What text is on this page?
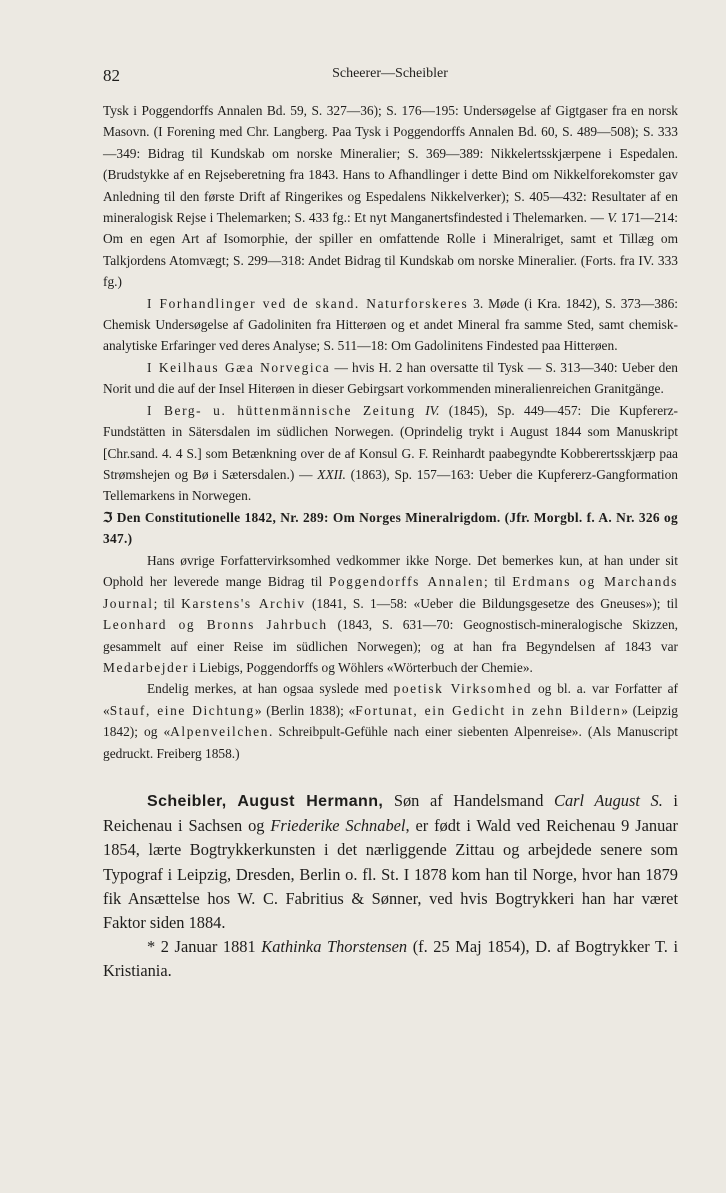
82	Scheerer—Scheibler

Tysk i Poggendorffs Annalen Bd. 59, S. 327—36); S. 176—195: Undersøgelse af Gigtgaser fra en norsk Masovn. (I Forening med Chr. Langberg. Paa Tysk i Poggendorffs Annalen Bd. 60, S. 489—508); S. 333—349: Bidrag til Kundskab om norske Mineralier; S. 369—389: Nikkelertsskjærpene i Espedalen. (Brudstykke af en Rejseberetning fra 1843. Hans to Afhandlinger i dette Bind om Nikkelforekomster gav Anledning til den første Drift af Ringerikes og Espedalens Nikkelverker); S. 405—432: Resultater af en mineralogisk Rejse i Thelemarken; S. 433 fg.: Et nyt Manganertsfindested i Thelemarken. — V. 171—214: Om en egen Art af Isomorphie, der spiller en omfattende Rolle i Mineralriget, samt et Tillæg om Talkjordens Atomvægt; S. 299—318: Andet Bidrag til Kundskab om norske Mineralier. (Forts. fra IV. 333 fg.)

I Forhandlinger ved de skand. Naturforskeres 3. Møde (i Kra. 1842), S. 373—386: Chemisk Undersøgelse af Gadoliniten fra Hitterøen og et andet Mineral fra samme Sted, samt chemisk-analytiske Erfaringer ved deres Analyse; S. 511—18: Om Gadolinitens Findested paa Hitterøen.

I Keilhaus Gæa Norvegica — hvis H. 2 han oversatte til Tysk — S. 313—340: Ueber den Norit und die auf der Insel Hiterøen in dieser Gebirgsart vorkommenden mineralienreichen Granitgänge.

I Berg- u. hüttenmännische Zeitung IV. (1845), Sp. 449—457: Die Kupfererz-Fundstätten in Sätersdalen im südlichen Norwegen. (Oprindelig trykt i August 1844 som Manuskript [Chr.sand. 4. 4 S.] som Betænkning over de af Konsul G. F. Reinhardt paabegyndte Kobberertsskjærp paa Strømshejen og Bø i Sætersdalen.) — XXII. (1863), Sp. 157—163: Ueber die Kupfererz-Gangformation Tellemarkens in Norwegen.

ℑ Den Constitutionelle 1842, Nr. 289: Om Norges Mineralrigdom. (Jfr. Morgbl. f. A. Nr. 326 og 347.)

Hans øvrige Forfattervirksomhed vedkommer ikke Norge. Det bemerkes kun, at han under sit Ophold her leverede mange Bidrag til Poggendorffs Annalen; til Erdmans og Marchands Journal; til Karstens's Archiv (1841, S. 1—58: «Ueber die Bildungsgesetze des Gneuses»); til Leonhard og Bronns Jahrbuch (1843, S. 631—70: Geognostisch-mineralogische Skizzen, gesammelt auf einer Reise im südlichen Norwegen); og at han fra Begyndelsen af 1843 var Medarbejder i Liebigs, Poggendorffs og Wöhlers «Wörterbuch der Chemie».

Endelig merkes, at han ogsaa syslede med poetisk Virksomhed og bl. a. var Forfatter af «Stauf, eine Dichtung» (Berlin 1838); «Fortunat, ein Gedicht in zehn Bildern» (Leipzig 1842); og «Alpenveilchen. Schreibpult-Gefühle nach einer siebenten Alpenreise». (Als Manuscript gedruckt. Freiberg 1858.)

Scheibler, August Hermann, Søn af Handelsmand Carl August S. i Reichenau i Sachsen og Friederike Schnabel, er født i Wald ved Reichenau 9 Januar 1854, lærte Bogtrykkerkunsten i det nærliggende Zittau og arbejdede senere som Typograf i Leipzig, Dresden, Berlin o. fl. St. I 1878 kom han til Norge, hvor han 1879 fik Ansættelse hos W. C. Fabritius & Sønner, ved hvis Bogtrykkeri han har været Faktor siden 1884.

* 2 Januar 1881 Kathinka Thorstensen (f. 25 Maj 1854), D. af Bogtrykker T. i Kristiania.
